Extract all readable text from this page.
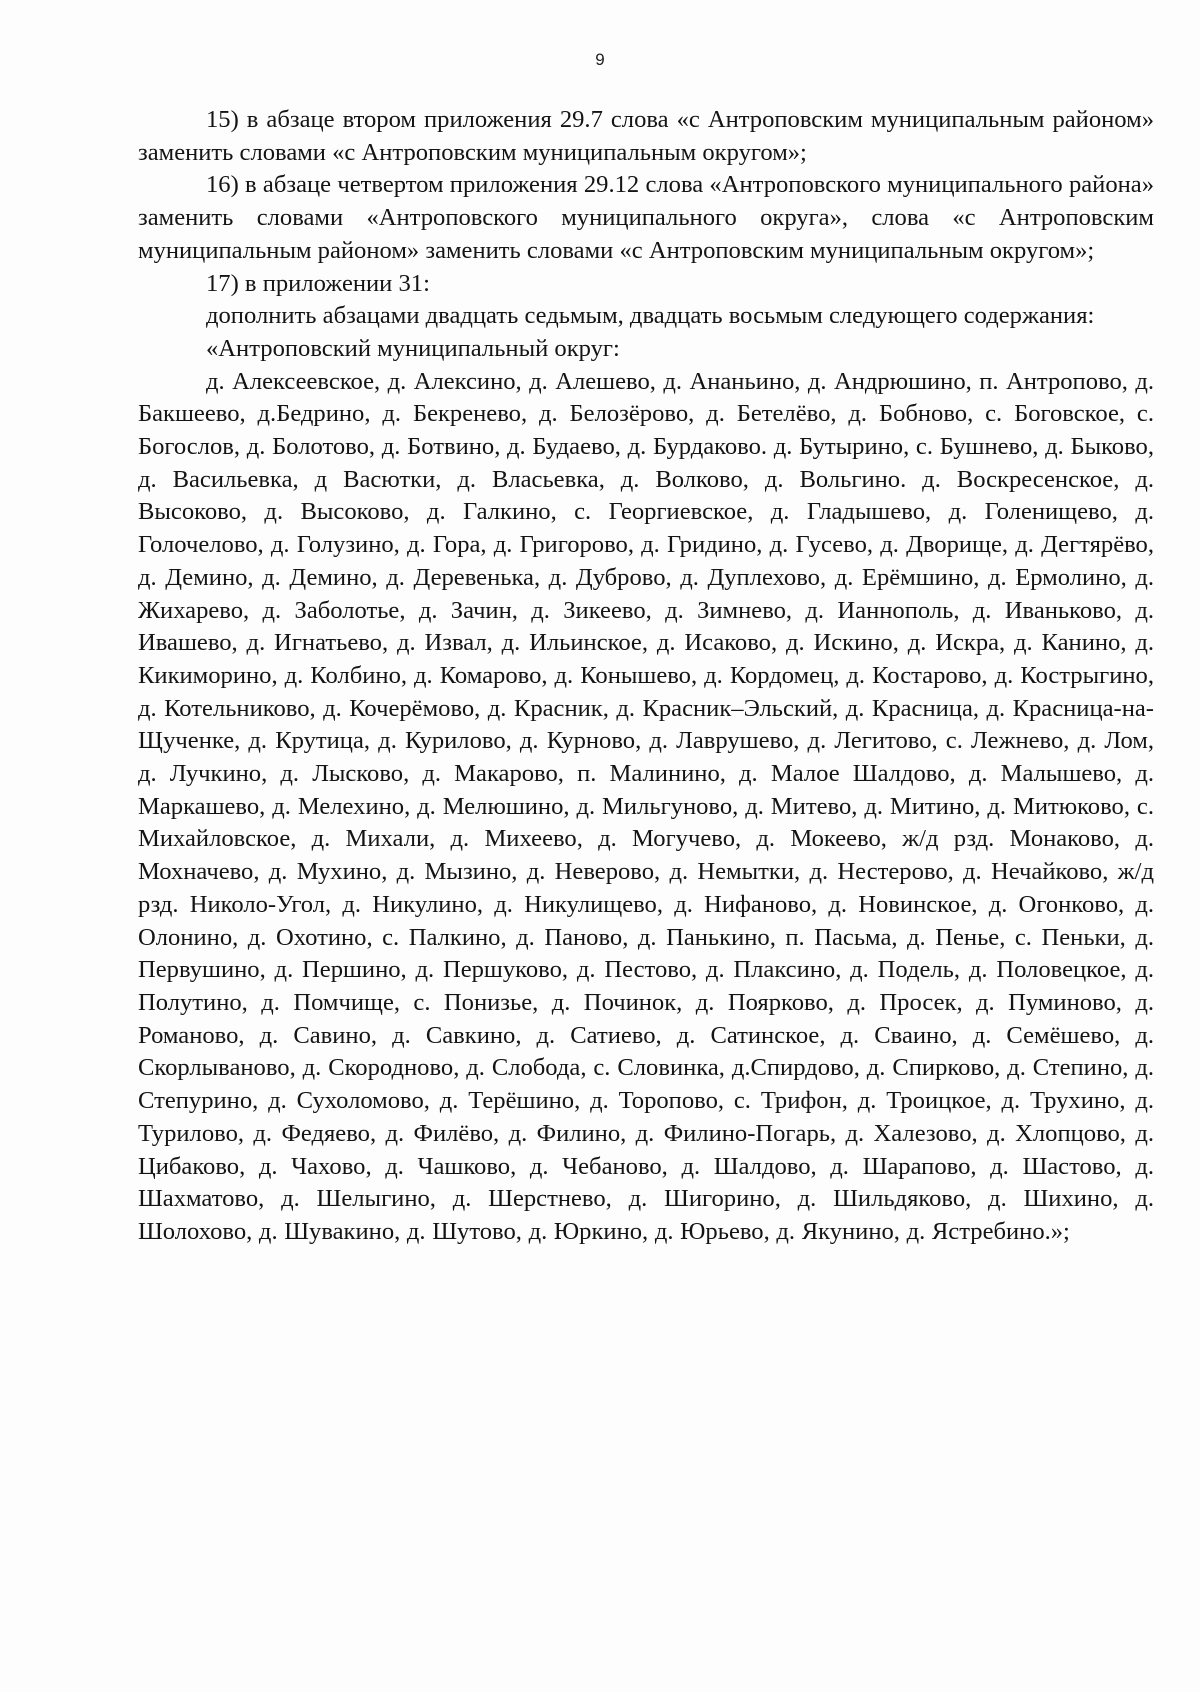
9

15) в абзаце втором приложения 29.7 слова «с Антроповским муниципальным районом» заменить словами «с Антроповским муниципальным округом»;

16) в абзаце четвертом приложения 29.12 слова «Антроповского муниципального района» заменить словами «Антроповского муниципального округа», слова «с Антроповским муниципальным районом» заменить словами «с Антроповским муниципальным округом»;

17) в приложении 31:

дополнить абзацами двадцать седьмым, двадцать восьмым следующего содержания:

«Антроповский муниципальный округ:

д. Алексеевское, д. Алексино, д. Алешево, д. Ананьино, д. Андрюшино, п. Антропово, д. Бакшеево, д.Бедрино, д. Бекренево, д. Белозёрово, д. Бетелёво, д. Бобново, с. Боговское, с. Богослов, д. Болотово, д. Ботвино, д. Будаево, д. Бурдаково. д. Бутырино, с. Бушнево, д. Быково, д. Васильевка, д Васютки, д. Власьевка, д. Волково, д. Вольгино. д. Воскресенское, д. Высоково, д. Высоково, д. Галкино, с. Георгиевское, д. Гладышево, д. Голенищево, д. Голочелово, д. Голузино, д. Гора, д. Григорово, д. Гридино, д. Гусево, д. Дворище, д. Дегтярёво, д. Демино, д. Демино, д. Деревенька, д. Дуброво, д. Дуплехово, д. Ерёмшино, д. Ермолино, д. Жихарево, д. Заболотье, д. Зачин, д. Зикеево, д. Зимнево, д. Ианнополь, д. Иваньково, д. Ивашево, д. Игнатьево, д. Извал, д. Ильинское, д. Исаково, д. Искино, д. Искра, д. Канино, д. Кикиморино, д. Колбино, д. Комарово, д. Конышево, д. Кордомец, д. Костарово, д. Кострыгино, д. Котельниково, д. Кочерёмово, д. Красник, д. Красник–Эльский, д. Красница, д. Красница-на-Щученке, д. Крутица, д. Курилово, д. Курново, д. Лаврушево, д. Легитово, с. Лежнево, д. Лом, д. Лучкино, д. Лысково, д. Макарово, п. Малинино, д. Малое Шалдово, д. Малышево, д. Маркашево, д. Мелехино, д. Мелюшино, д. Мильгуново, д. Митево, д. Митино, д. Митюково, с. Михайловское, д. Михали, д. Михеево, д. Могучево, д. Мокеево, ж/д рзд. Монаково, д. Мохначево, д. Мухино, д. Мызино, д. Неверово, д. Немытки, д. Нестерово, д. Нечайково, ж/д рзд. Николо-Угол, д. Никулино, д. Никулищево, д. Нифаново, д. Новинское, д. Огонково, д. Олонино, д. Охотино, с. Палкино, д. Паново, д. Панькино, п. Пасьма, д. Пенье, с. Пеньки, д. Первушино, д. Першино, д. Першуково, д. Пестово, д. Плаксино, д. Подель, д. Половецкое, д. Полутино, д. Помчище, с. Понизье, д. Починок, д. Поярково, д. Просек, д. Пуминово, д. Романово, д. Савино, д. Савкино, д. Сатиево, д. Сатинское, д. Сваино, д. Семёшево, д. Скорлываново, д. Скородново, д. Слобода, с. Словинка, д.Спирдово, д. Спирково, д. Степино, д. Степурино, д. Сухоломово, д. Терёшино, д. Торопово, с. Трифон, д. Троицкое, д. Трухино, д. Турилово, д. Федяево, д. Филёво, д. Филино, д. Филино-Погарь, д. Халезово, д. Хлопцово, д. Цибаково, д. Чахово, д. Чашково, д. Чебаново, д. Шалдово, д. Шарапово, д. Шастово, д. Шахматово, д. Шелыгино, д. Шерстнево, д. Шигорино, д. Шильдяково, д. Шихино, д. Шолохово, д. Шувакино, д. Шутово, д. Юркино, д. Юрьево, д. Якунино, д. Ястребино.»;
